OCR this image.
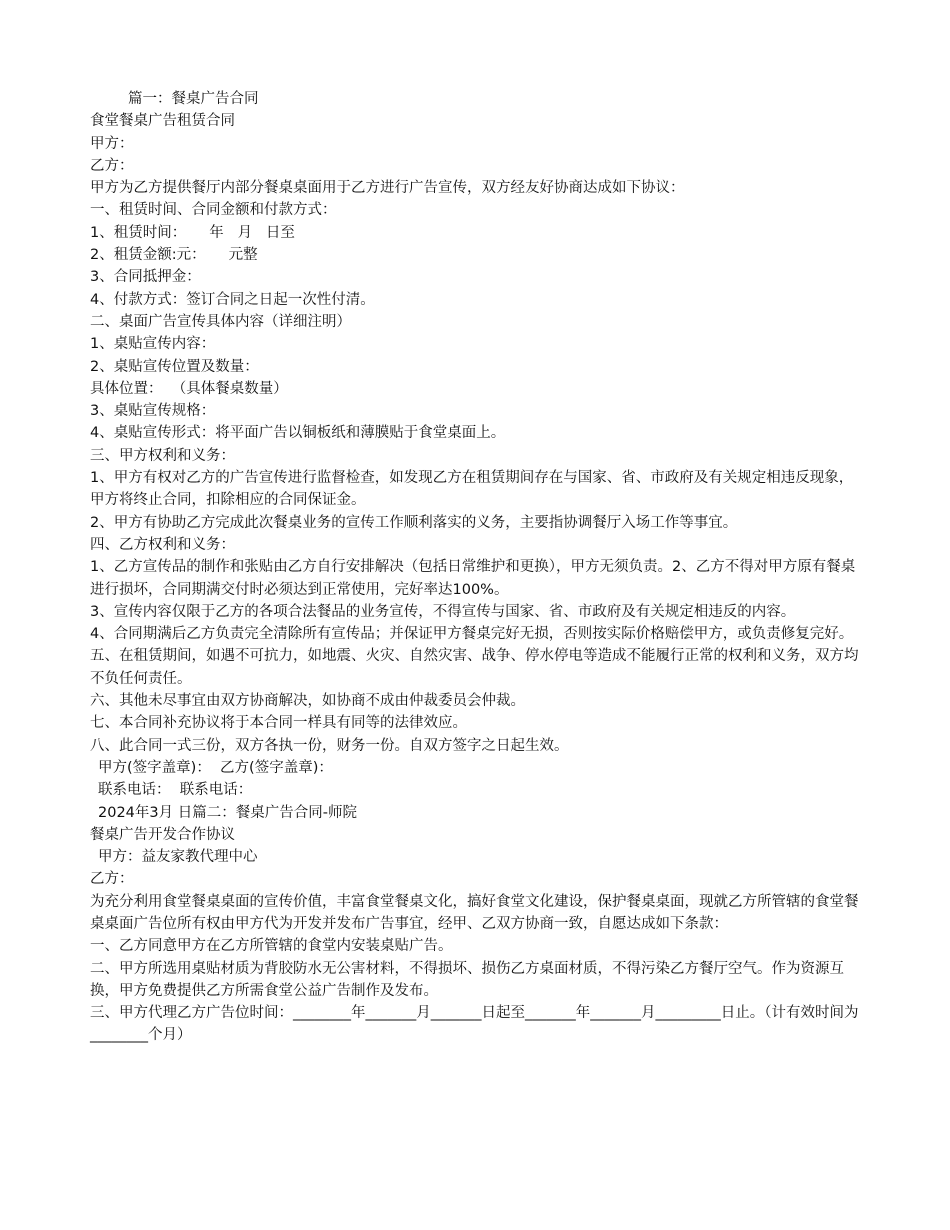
篇一：餐桌广告合同

食堂餐桌广告租赁合同

甲方：

乙方：

甲方为乙方提供餐厅内部分餐桌桌面用于乙方进行广告宣传，双方经友好协商达成如下协议：

一、租赁时间、合同金额和付款方式：

1、租赁时间：     年   月   日至

2、租赁金额:元：     元整

3、合同抵押金：

4、付款方式：签订合同之日起一次性付清。

二、桌面广告宣传具体内容（详细注明）

1、桌贴宣传内容：

2、桌贴宣传位置及数量：

具体位置：  （具体餐桌数量）

3、桌贴宣传规格：

4、桌贴宣传形式：将平面广告以铜板纸和薄膜贴于食堂桌面上。

三、甲方权利和义务：

1、甲方有权对乙方的广告宣传进行监督检查，如发现乙方在租赁期间存在与国家、省、市政府及有关规定相违反现象，甲方将终止合同，扣除相应的合同保证金。

2、甲方有协助乙方完成此次餐桌业务的宣传工作顺利落实的义务，主要指协调餐厅入场工作等事宜。

四、乙方权利和义务：

1、乙方宣传品的制作和张贴由乙方自行安排解决（包括日常维护和更换），甲方无须负责。2、乙方不得对甲方原有餐桌进行损坏，合同期满交付时必须达到正常使用，完好率达100%。

3、宣传内容仅限于乙方的各项合法餐品的业务宣传，不得宣传与国家、省、市政府及有关规定相违反的内容。

4、合同期满后乙方负责完全清除所有宣传品；并保证甲方餐桌完好无损，否则按实际价格赔偿甲方，或负责修复完好。

五、在租赁期间，如遇不可抗力，如地震、火灾、自然灾害、战争、停水停电等造成不能履行正常的权利和义务，双方均不负任何责任。

六、其他未尽事宜由双方协商解决，如协商不成由仲裁委员会仲裁。

七、本合同补充协议将于本合同一样具有同等的法律效应。

八、此合同一式三份，双方各执一份，财务一份。自双方签字之日起生效。

甲方(签字盖章)：  乙方(签字盖章)：

联系电话：  联系电话：

2024年3月 日篇二：餐桌广告合同-师院

餐桌广告开发合作协议

甲方：益友家教代理中心

乙方：

为充分利用食堂餐桌桌面的宣传价值，丰富食堂餐桌文化，搞好食堂文化建设，保护餐桌桌面，现就乙方所管辖的食堂餐桌桌面广告位所有权由甲方代为开发并发布广告事宜，经甲、乙双方协商一致，自愿达成如下条款：

一、乙方同意甲方在乙方所管辖的食堂内安装桌贴广告。

二、甲方所选用桌贴材质为背胶防水无公害材料，不得损坏、损伤乙方桌面材质，不得污染乙方餐厅空气。作为资源互换，甲方免费提供乙方所需食堂公益广告制作及发布。

三、甲方代理乙方广告位时间：________年_______月_______日起至_______年_______月_________日止。（计有效时间为________个月）
